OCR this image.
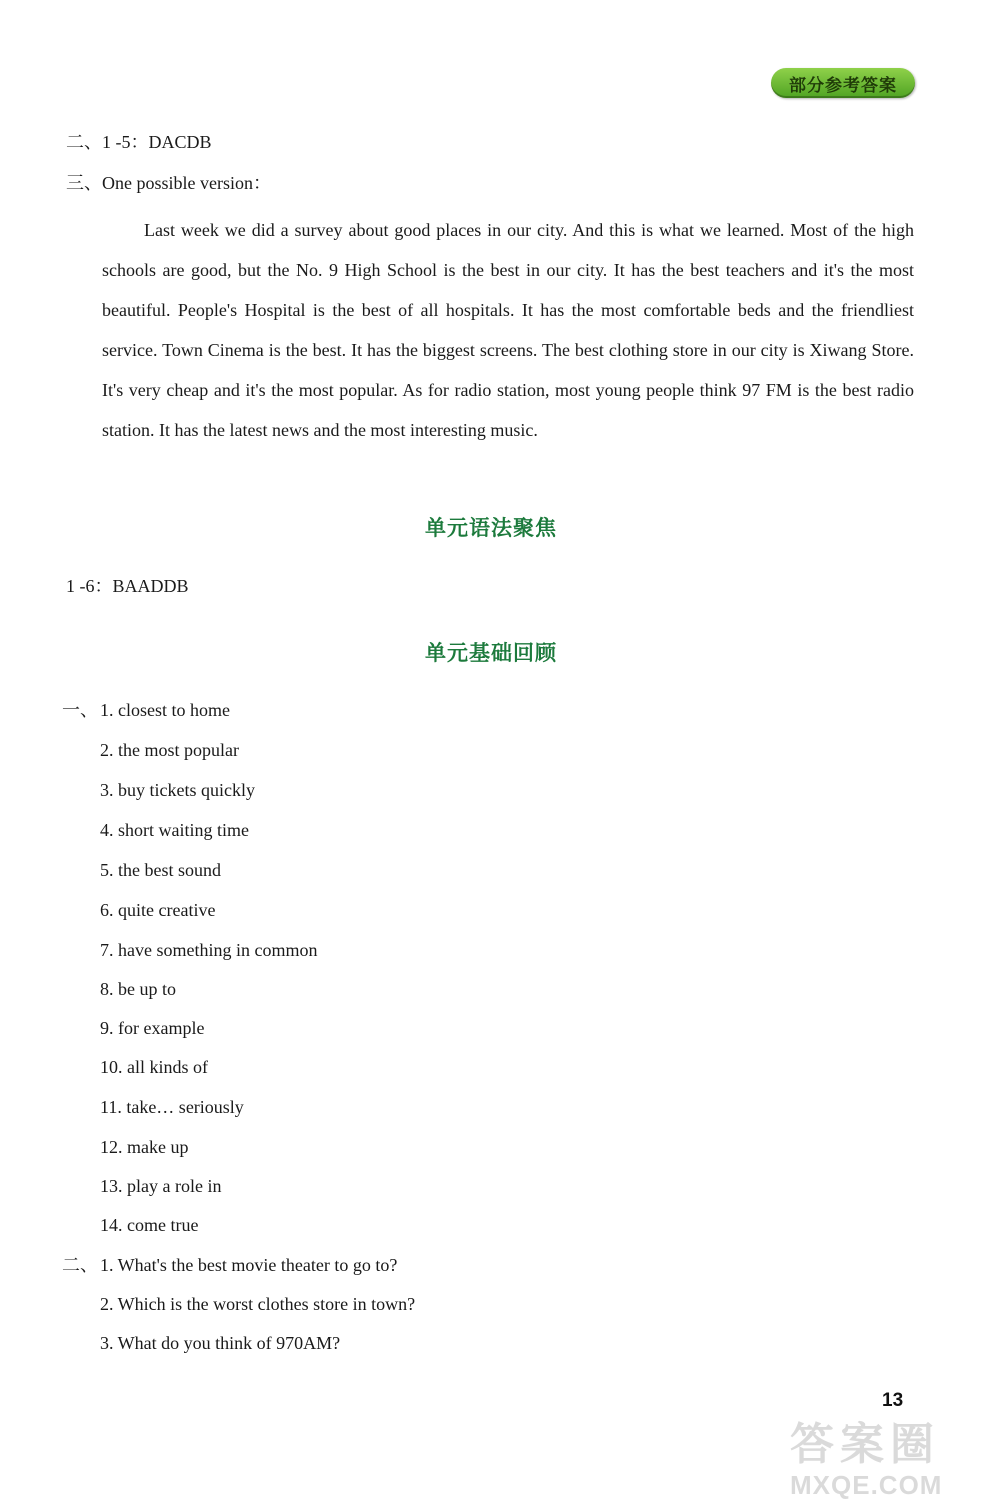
部分参考答案
二、1 -5：DACDB
三、One possible version：
Last week we did a survey about good places in our city. And this is what we learned. Most of the high schools are good, but the No. 9 High School is the best in our city. It has the best teachers and it's the most beautiful. People's Hospital is the best of all hospitals. It has the most comfortable beds and the friendliest service. Town Cinema is the best. It has the biggest screens. The best clothing store in our city is Xiwang Store. It's very cheap and it's the most popular. As for radio station, most young people think 97 FM is the best radio station. It has the latest news and the most interesting music.
单元语法聚焦
1 -6：BAADDB
单元基础回顾
一、 1. closest to home
2. the most popular
3. buy tickets quickly
4. short waiting time
5. the best sound
6. quite creative
7. have something in common
8. be up to
9. for example
10. all kinds of
11. take… seriously
12. make up
13. play a role in
14. come true
二、 1. What's the best movie theater to go to?
2. Which is the worst clothes store in town?
3. What do you think of 970AM?
13
答案圈
MXQE.COM
